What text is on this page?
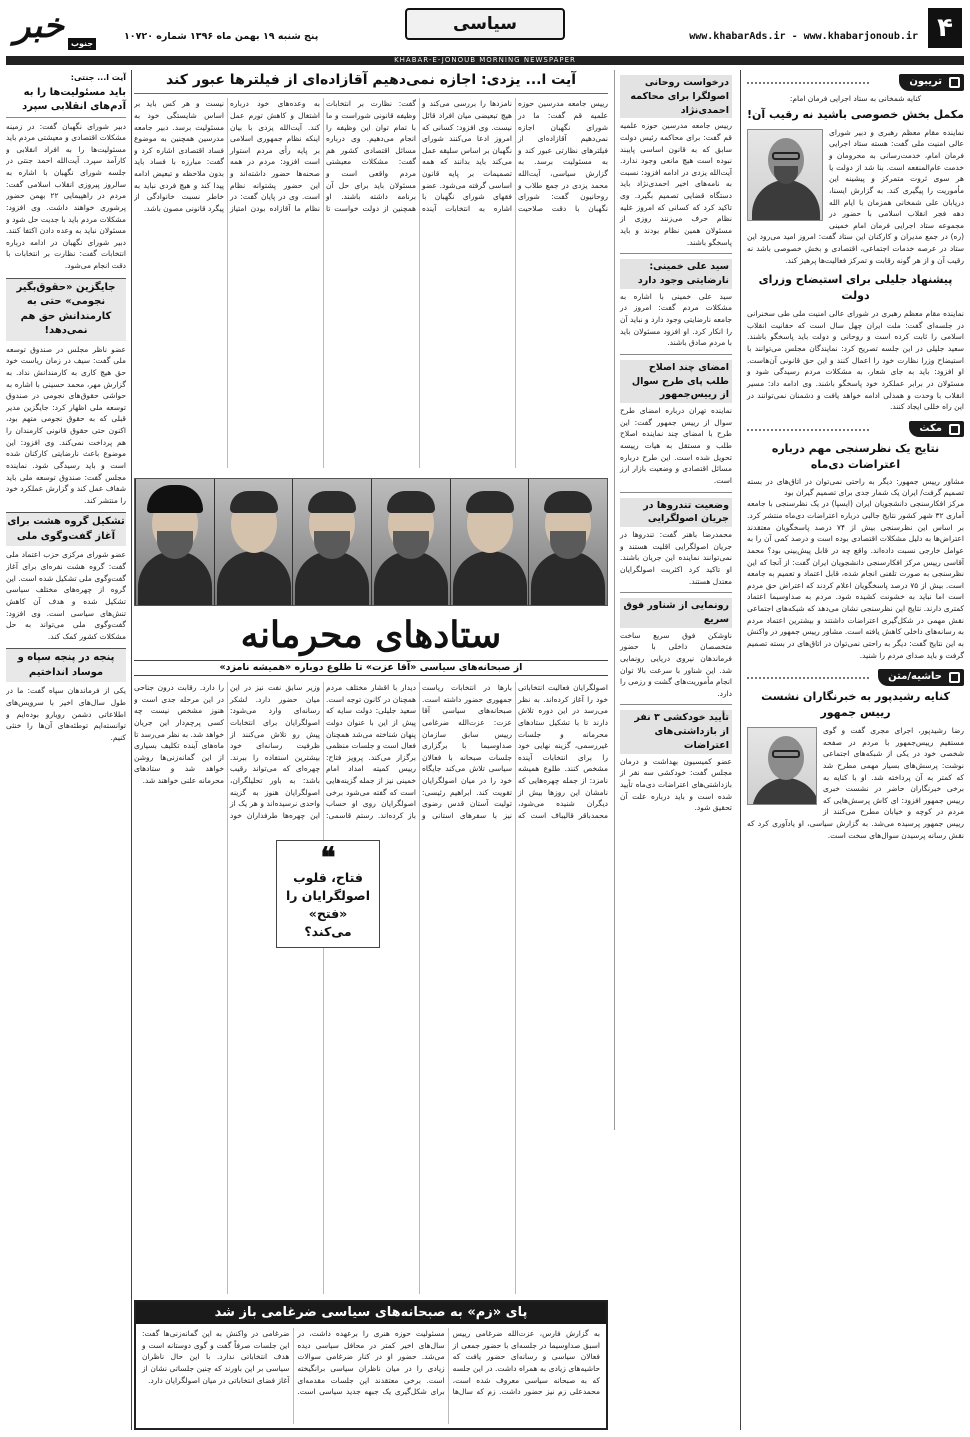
۴
www.khabarAds.ir - www.khabarjonoub.ir
سیاسی
پنج شنبه ۱۹ بهمن ماه ۱۳۹۶ شماره ۱۰۷۲۰
خبر جنوب
KHABAR-E-JONOUB MORNING NEWSPAPER
تریبون
کنایه شمخانی به ستاد اجرایی فرمان امام:
مکمل بخش خصوصی باشید نه رقیب آن!
نماینده مقام معظم رهبری و دبیر شورای عالی امنیت ملی گفت: هسته ستاد اجرایی فرمان امام، خدمت‌رسانی به محرومان و خدمت عام‌المنفعه است. بنا شد از دولت یا هر سوی ثروت متمرکز و پیشینه این مأموریت را پیگیری کند. به گزارش ایسنا، دریابان علی شمخانی همزمان با ایام الله دهه فجر انقلاب اسلامی با حضور در مجموعه ستاد اجرایی فرمان امام خمینی (ره) در جمع مدیران و کارکنان این ستاد گفت: امروز امید می‌رود این ستاد در عرصه خدمات اجتماعی، اقتصادی و بخش خصوصی باشد نه رقیب آن و از هر گونه رقابت و تمرکز فعالیت‌ها پرهیز کند.
پیشنهاد جلیلی برای استیضاح وزرای دولت
نماینده مقام معظم رهبری در شورای عالی امنیت ملی طی سخنرانی در جلسه‌ای گفت: ملت ایران چهل سال است که حقانیت انقلاب اسلامی را ثابت کرده است و روحانی و دولت باید پاسخگو باشند. سعید جلیلی در این جلسه تصریح کرد: نمایندگان مجلس می‌توانند با استیضاح وزرا نظارت خود را اعمال کنند و این حق قانونی آن‌هاست. او افزود: باید به جای شعار، به مشکلات مردم رسیدگی شود و مسئولان در برابر عملکرد خود پاسخگو باشند. وی ادامه داد: مسیر انقلاب با وحدت و همدلی ادامه خواهد یافت و دشمنان نمی‌توانند در این راه خللی ایجاد کنند.
مکث
نتایج یک نظرسنجی مهم درباره اعتراضات دی‌ماه
مشاور رییس جمهور: دیگر به راحتی نمی‌توان در اتاق‌های در بسته تصمیم گرفت/ ایران یک شمار جدی برای تصمیم گیران بود
مرکز افکارسنجی دانشجویان ایران (ایسپا) در یک نظرسنجی با جامعه آماری ۳۲ شهر کشور نتایج جالبی درباره اعتراضات دی‌ماه منتشر کرد. بر اساس این نظرسنجی بیش از ۷۴ درصد پاسخگویان معتقدند اعتراض‌ها به دلیل مشکلات اقتصادی بوده است و درصد کمی آن را به عوامل خارجی نسبت داده‌اند. واقع چه در قابل پیش‌بینی بود؟ محمد آقاسی رییس مرکز افکارسنجی دانشجویان ایران گفت: از آنجا که این نظرسنجی به صورت تلفنی انجام شده، قابل اعتماد و تعمیم به جامعه است. بیش از ۷۵ درصد پاسخگویان اعلام کردند که اعتراض حق مردم است اما نباید به خشونت کشیده شود. مردم به صداوسیما اعتماد کمتری دارند. نتایج این نظرسنجی نشان می‌دهد که شبکه‌های اجتماعی نقش مهمی در شکل‌گیری اعتراضات داشتند و بیشترین اعتماد مردم به رسانه‌های داخلی کاهش یافته است. مشاور رییس جمهور در واکنش به این نتایج گفت: دیگر به راحتی نمی‌توان در اتاق‌های در بسته تصمیم گرفت و باید صدای مردم را شنید.
حاشیه/متن
کنایه رشیدپور به خبرنگاران نشست رییس جمهور
رضا رشیدپور، اجرای مجری گفت و گوی مستقیم رییس‌جمهور با مردم در صفحه شخصی خود در یکی از شبکه‌های اجتماعی نوشت: پرسش‌های بسیار مهمی مطرح شد که کمتر به آن پرداخته شد. او با کنایه به برخی خبرنگاران حاضر در نشست خبری رییس جمهور افزود: ای کاش پرسش‌هایی که مردم در کوچه و خیابان مطرح می‌کنند از رییس جمهور پرسیده می‌شد. به گزارش سیاسی، او یادآوری کرد که نقش رسانه پرسیدن سوال‌های سخت است.
درخواست روحانی اصولگرا برای محاکمه احمدی‌نژاد
رییس جامعه مدرسین حوزه علمیه قم گفت: برای محاکمه رئیس دولت سابق که به قانون اساسی پایبند نبوده است هیچ مانعی وجود ندارد. آیت‌الله یزدی در ادامه افزود: نسبت به نامه‌های اخیر احمدی‌نژاد باید دستگاه قضایی تصمیم بگیرد. وی تاکید کرد که کسانی که امروز علیه نظام حرف می‌زنند روزی از مسئولان همین نظام بودند و باید پاسخگو باشند.
سید علی خمینی: نارضایتی وجود دارد
سید علی خمینی با اشاره به مشکلات مردم گفت: امروز در جامعه نارضایتی وجود دارد و نباید آن را انکار کرد. او افزود مسئولان باید با مردم صادق باشند.
امضای چند اصلاح طلب پای طرح سوال از رییس‌جمهور
نماینده تهران درباره امضای طرح سوال از رییس جمهور گفت: این طرح با امضای چند نماینده اصلاح طلب و مستقل به هیات رییسه تحویل شده است. این طرح درباره مسائل اقتصادی و وضعیت بازار ارز است.
وضعیت تندروها در جریان اصولگرایی
محمدرضا باهنر گفت: تندروها در جریان اصولگرایی اقلیت هستند و نمی‌توانند نماینده این جریان باشند. او تاکید کرد اکثریت اصولگرایان معتدل هستند.
رونمایی از شناور فوق سریع
ناوشکن فوق سریع ساخت متخصصان داخلی با حضور فرماندهان نیروی دریایی رونمایی شد. این شناور با سرعت بالا توان انجام مأموریت‌های گشت و رزمی را دارد.
تأیید خودکشی ۳ نفر از بازداشتی‌های اعتراضات
عضو کمیسیون بهداشت و درمان مجلس گفت: خودکشی سه نفر از بازداشتی‌های اعتراضات دی‌ماه تأیید شده است و باید درباره علت آن تحقیق شود.
آیت ا... یزدی: اجازه نمی‌دهیم آقازاده‌ای از فیلترها عبور کند
رییس جامعه مدرسین حوزه علمیه قم گفت: ما در شورای نگهبان اجازه نمی‌دهیم آقازاده‌ای از فیلترهای نظارتی عبور کند و به مسئولیت برسد. به گزارش سیاسی، آیت‌الله محمد یزدی در جمع طلاب و روحانیون گفت: شورای نگهبان با دقت صلاحیت نامزدها را بررسی می‌کند و هیچ تبعیضی میان افراد قائل نیست. وی افزود: کسانی که امروز ادعا می‌کنند شورای نگهبان بر اساس سلیقه عمل می‌کند باید بدانند که همه تصمیمات بر پایه قانون اساسی گرفته می‌شود. عضو فقهای شورای نگهبان با اشاره به انتخابات آینده گفت: نظارت بر انتخابات وظیفه قانونی شوراست و ما با تمام توان این وظیفه را انجام می‌دهیم. وی درباره مسائل اقتصادی کشور هم گفت: مشکلات معیشتی مردم واقعی است و مسئولان باید برای حل آن برنامه داشته باشند. او همچنین از دولت خواست تا به وعده‌های خود درباره اشتغال و کاهش تورم عمل کند. آیت‌الله یزدی با بیان اینکه نظام جمهوری اسلامی بر پایه رأی مردم استوار است افزود: مردم در همه صحنه‌ها حضور داشته‌اند و این حضور پشتوانه نظام است. وی در پایان گفت: در نظام ما آقازاده بودن امتیاز نیست و هر کس باید بر اساس شایستگی خود به مسئولیت برسد. دبیر جامعه مدرسین همچنین به موضوع فساد اقتصادی اشاره کرد و گفت: مبارزه با فساد باید بدون ملاحظه و تبعیض ادامه پیدا کند و هیچ فردی نباید به خاطر نسبت خانوادگی از پیگرد قانونی مصون باشد.
ستادهای محرمانه
از صبحانه‌های سیاسی «آقا عزت» تا طلوع دوباره «همیشه نامزد»
اصولگرایان فعالیت انتخاباتی خود را آغاز کرده‌اند. به نظر می‌رسد در این دوره تلاش دارند تا با تشکیل ستادهای محرمانه و جلسات غیررسمی، گزینه نهایی خود را برای انتخابات آینده مشخص کنند. طلوع همیشه نامزد: از جمله چهره‌هایی که نامشان این روزها بیش از دیگران شنیده می‌شود، محمدباقر قالیباف است که بارها در انتخابات ریاست جمهوری حضور داشته است. صبحانه‌های سیاسی آقا عزت: عزت‌الله ضرغامی رییس سابق سازمان صداوسیما با برگزاری جلسات صبحانه با فعالان سیاسی تلاش می‌کند جایگاه خود را در میان اصولگرایان تقویت کند. ابراهیم رئیسی: تولیت آستان قدس رضوی نیز با سفرهای استانی و دیدار با اقشار مختلف مردم همچنان در کانون توجه است. سعید جلیلی: دولت سایه که پیش از این با عنوان دولت پنهان شناخته می‌شد همچنان فعال است و جلسات منظمی برگزار می‌کند. پرویز فتاح: رییس کمیته امداد امام خمینی نیز از جمله گزینه‌هایی است که گفته می‌شود برخی اصولگرایان روی او حساب باز کرده‌اند. رستم قاسمی: وزیر سابق نفت نیز در این میان حضور دارد. لشکر رسانه‌ای وارد می‌شود: اصولگرایان برای انتخابات پیش رو تلاش می‌کنند از ظرفیت رسانه‌ای خود بیشترین استفاده را ببرند. چهره‌ای که می‌تواند رقیب باشد: به باور تحلیلگران، اصولگرایان هنوز به گزینه واحدی نرسیده‌اند و هر یک از این چهره‌ها طرفداران خود را دارد. رقابت درون جناحی در این مرحله جدی است و هنوز مشخص نیست چه کسی پرچم‌دار این جریان خواهد شد. به نظر می‌رسد تا ماه‌های آینده تکلیف بسیاری از این گمانه‌زنی‌ها روشن خواهد شد و ستادهای محرمانه علنی خواهند شد.
❝
فتاح، قلوب اصولگرایان را «فتح» می‌کند؟
پای «زم» به صبحانه‌های سیاسی ضرغامی باز شد
به گزارش فارس، عزت‌الله ضرغامی رییس اسبق صداوسیما در جلسه‌ای با حضور جمعی از فعالان سیاسی و رسانه‌ای حضور یافت که حاشیه‌های زیادی به همراه داشت. در این جلسه که به صبحانه سیاسی معروف شده است، محمدعلی زم نیز حضور داشت. زم که سال‌ها مسئولیت حوزه هنری را برعهده داشت، در سال‌های اخیر کمتر در محافل سیاسی دیده می‌شد. حضور او در کنار ضرغامی سوالات زیادی را در میان ناظران سیاسی برانگیخته است. برخی معتقدند این جلسات مقدمه‌ای برای شکل‌گیری یک جبهه جدید سیاسی است. ضرغامی در واکنش به این گمانه‌زنی‌ها گفت: این جلسات صرفاً گفت و گوی دوستانه است و هدف انتخاباتی ندارد. با این حال ناظران سیاسی بر این باورند که چنین جلساتی نشان از آغاز فضای انتخاباتی در میان اصولگرایان دارد.
آیت ا... جنتی:
باید مسئولیت‌ها را به آدم‌های انقلابی سپرد
دبیر شورای نگهبان گفت: در زمینه مشکلات اقتصادی و معیشتی مردم باید مسئولیت‌ها را به افراد انقلابی و کارآمد سپرد. آیت‌الله احمد جنتی در جلسه شورای نگهبان با اشاره به سالروز پیروزی انقلاب اسلامی گفت: مردم در راهپیمایی ۲۲ بهمن حضور پرشوری خواهند داشت. وی افزود: مشکلات مردم باید با جدیت حل شود و مسئولان نباید به وعده دادن اکتفا کنند. دبیر شورای نگهبان در ادامه درباره انتخابات گفت: نظارت بر انتخابات با دقت انجام می‌شود.
جایگزین «حقوق‌بگیر نجومی» حتی به کارمندانش حق هم نمی‌دهد!
عضو ناظر مجلس در صندوق توسعه ملی گفت: سیف در زمان ریاست خود حق هیچ کاری به کارمندانش نداد. به گزارش مهر، محمد حسینی با اشاره به حواشی حقوق‌های نجومی در صندوق توسعه ملی اظهار کرد: جایگزین مدیر قبلی که به حقوق نجومی متهم بود، اکنون حتی حقوق قانونی کارمندان را هم پرداخت نمی‌کند. وی افزود: این موضوع باعث نارضایتی کارکنان شده است و باید رسیدگی شود. نماینده مجلس گفت: صندوق توسعه ملی باید شفاف عمل کند و گزارش عملکرد خود را منتشر کند.
تشکیل گروه هشت برای آغاز گفت‌وگوی ملی
عضو شورای مرکزی حزب اعتماد ملی گفت: گروه هشت نفره‌ای برای آغاز گفت‌وگوی ملی تشکیل شده است. این گروه از چهره‌های مختلف سیاسی تشکیل شده و هدف آن کاهش تنش‌های سیاسی است. وی افزود: گفت‌وگوی ملی می‌تواند به حل مشکلات کشور کمک کند.
پنجه در پنجه سپاه و موساد انداختیم
یکی از فرماندهان سپاه گفت: ما در طول سال‌های اخیر با سرویس‌های اطلاعاتی دشمن رویارو بوده‌ایم و توانسته‌ایم توطئه‌های آن‌ها را خنثی کنیم.
